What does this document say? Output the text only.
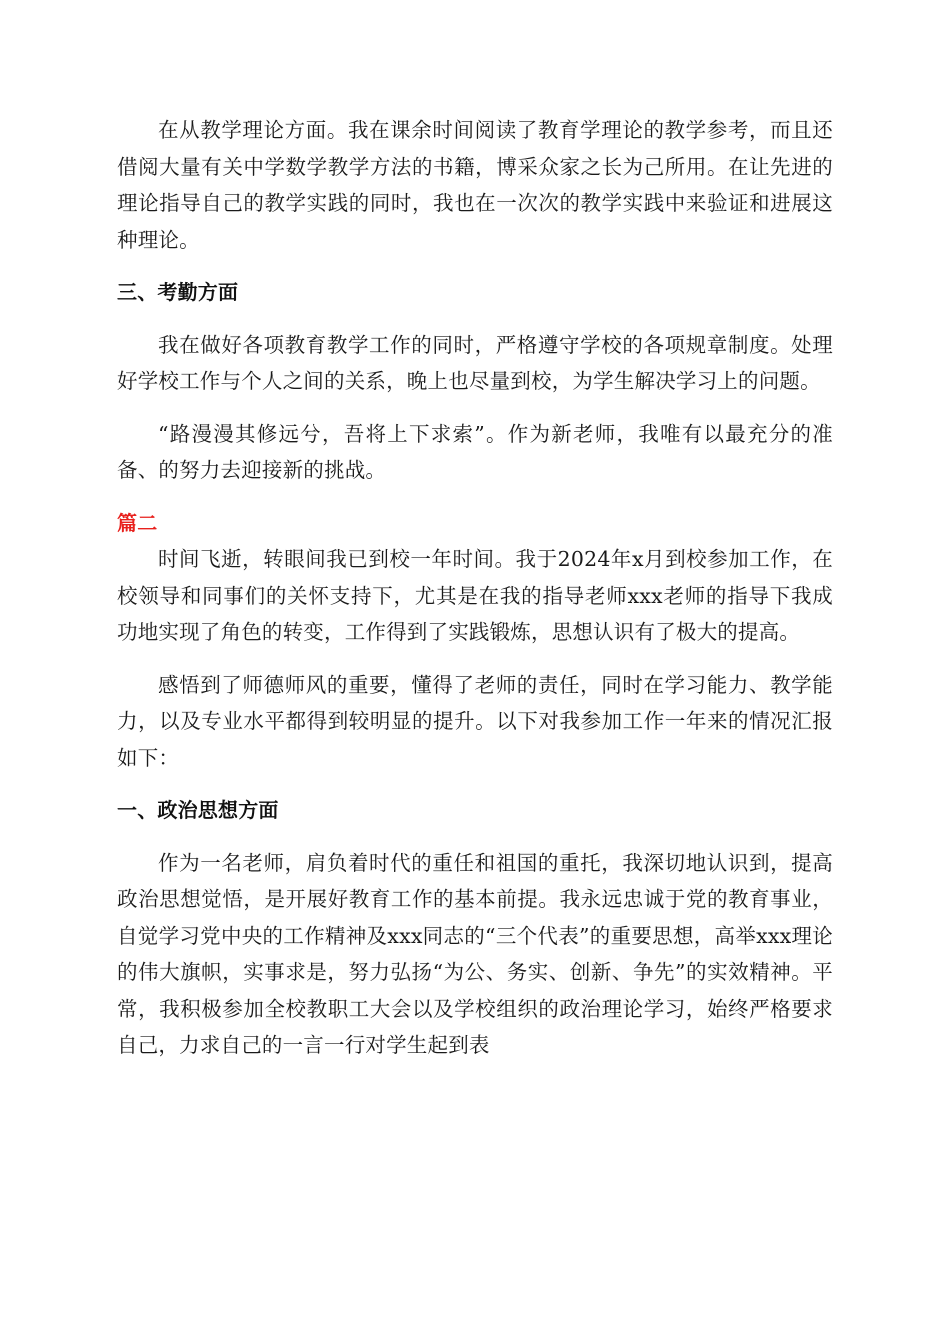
在从教学理论方面。我在课余时间阅读了教育学理论的教学参考，而且还借阅大量有关中学数学教学方法的书籍，博采众家之长为己所用。在让先进的理论指导自己的教学实践的同时，我也在一次次的教学实践中来验证和进展这种理论。

三、考勤方面

我在做好各项教育教学工作的同时，严格遵守学校的各项规章制度。处理好学校工作与个人之间的关系，晚上也尽量到校，为学生解决学习上的问题。

“路漫漫其修远兮，吾将上下求索”。作为新老师，我唯有以最充分的准备、的努力去迎接新的挑战。

篇二

时间飞逝，转眼间我已到校一年时间。我于2024年x月到校参加工作，在校领导和同事们的关怀支持下，尤其是在我的指导老师xxx老师的指导下我成功地实现了角色的转变，工作得到了实践锻炼，思想认识有了极大的提高。

感悟到了师德师风的重要，懂得了老师的责任，同时在学习能力、教学能力，以及专业水平都得到较明显的提升。以下对我参加工作一年来的情况汇报如下：

一、政治思想方面

作为一名老师，肩负着时代的重任和祖国的重托，我深切地认识到，提高政治思想觉悟，是开展好教育工作的基本前提。我永远忠诚于党的教育事业，自觉学习党中央的工作精神及xxx同志的“三个代表”的重要思想，高举xxx理论的伟大旗帜，实事求是，努力弘扬“为公、务实、创新、争先”的实效精神。平常，我积极参加全校教职工大会以及学校组织的政治理论学习，始终严格要求自己，力求自己的一言一行对学生起到表
